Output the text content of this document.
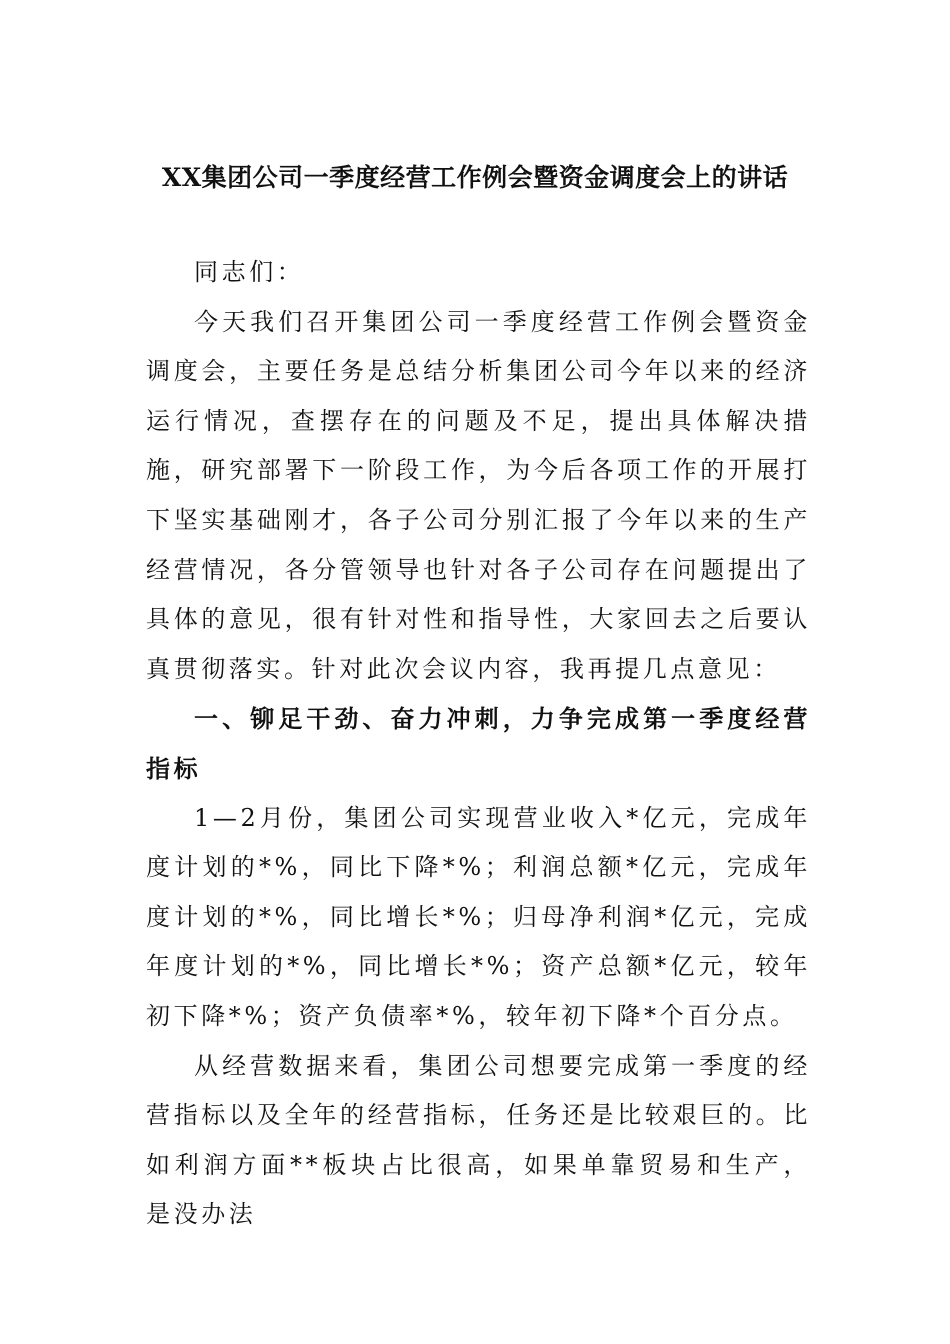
XX集团公司一季度经营工作例会暨资金调度会上的讲话

同志们：

今天我们召开集团公司一季度经营工作例会暨资金调度会，主要任务是总结分析集团公司今年以来的经济运行情况，查摆存在的问题及不足，提出具体解决措施，研究部署下一阶段工作，为今后各项工作的开展打下坚实基础刚才，各子公司分别汇报了今年以来的生产经营情况，各分管领导也针对各子公司存在问题提出了具体的意见，很有针对性和指导性，大家回去之后要认真贯彻落实。针对此次会议内容，我再提几点意见：

一、铆足干劲、奋力冲刺，力争完成第一季度经营指标

1—2月份，集团公司实现营业收入*亿元，完成年度计划的*%，同比下降*%；利润总额*亿元，完成年度计划的*%，同比增长*%；归母净利润*亿元，完成年度计划的*%，同比增长*%；资产总额*亿元，较年初下降*%；资产负债率*%，较年初下降*个百分点。

从经营数据来看，集团公司想要完成第一季度的经营指标以及全年的经营指标，任务还是比较艰巨的。比如利润方面**板块占比很高，如果单靠贸易和生产，是没办法
